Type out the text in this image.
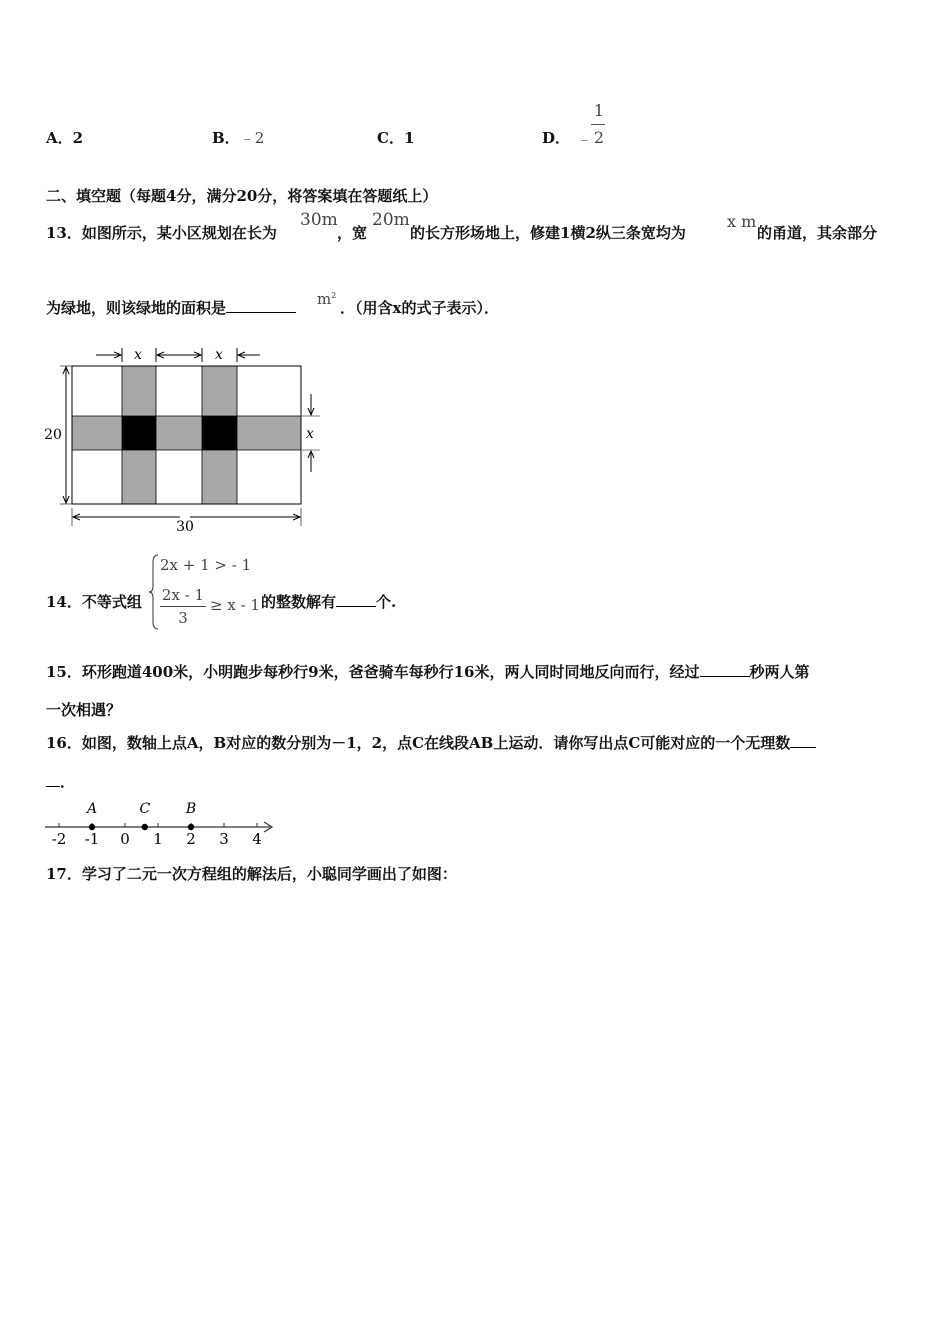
A．2	B．﹣2	C．1	D． ﹣
1
2
二、填空题（每题4分，满分20分，将答案填在答题纸上）
13．如图所示，某小区规划在长为
30m
，宽
20m
的长方形场地上，修建1横2纵三条宽均为
x m
的甬道，其余部分
为绿地，则该绿地的面积是	$m^2$
．（用含x的式子表示）．
x	x
x
20
30
14．不等式组
2x + 1 > - 1
2x - 1
3
≥ x - 1 的整数解有	个.
15．环形跑道400米，小明跑步每秒行9米，爸爸骑车每秒行16米，两人同时同地反向而行，经过	秒两人第
一次相遇？
16．如图，数轴上点A，B对应的数分别为－1，2，点C在线段AB上运动．请你写出点C可能对应的一个无理数
．
-2 -1 0 1 2 3 4
A	C	B
17．学习了二元一次方程组的解法后，小聪同学画出了如图：
